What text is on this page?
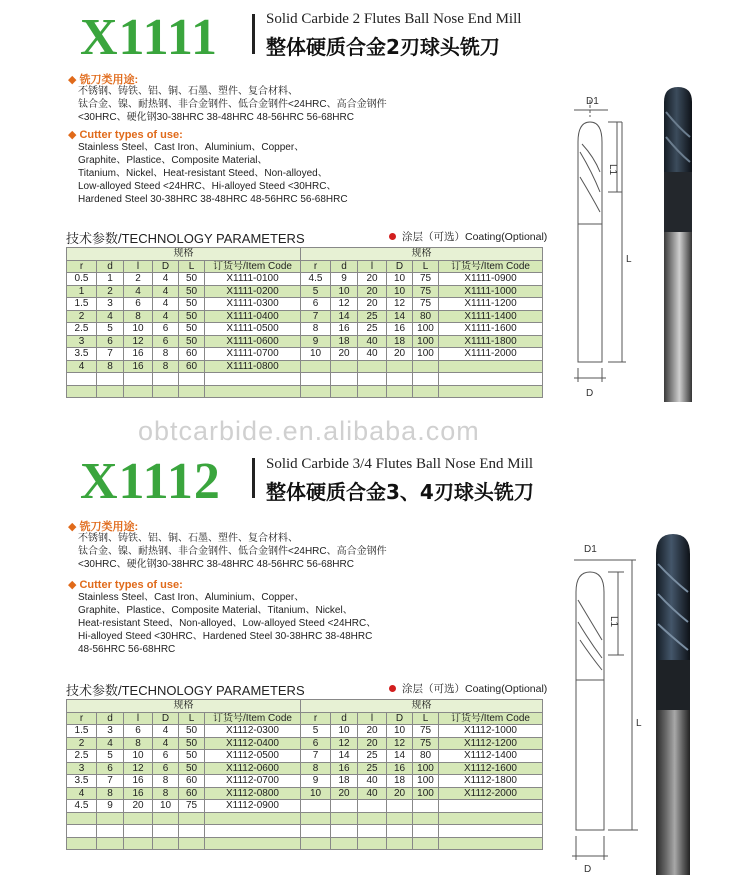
X1111	Solid Carbide 2 Flutes Ball Nose End Mill
整体硬质合金2刃球头铣刀
◆ 铣刀类用途:
不锈钢、铸铁、铝、铜、石墨、塑件、复合材料、
钛合金、镍、耐热钢、非合金钢件、低合金钢件<24HRC、高合金钢件
<30HRC、硬化钢30-38HRC 38-48HRC 48-56HRC 56-68HRC
◆ Cutter types of use:
Stainless Steel、Cast Iron、Aluminium、Copper、
Graphite、Plastice、Composite Material、
Titanium、Nickel、Heat-resistant Steed、Non-alloyed、
Low-alloyed Steed <24HRC、Hi-alloyed Steed <30HRC、
Hardened Steel 30-38HRC 38-48HRC 48-56HRC 56-68HRC
技术参数/TECHNOLOGY PARAMETERS	涂层（可选）Coating(Optional)
规格						规格					
r	d	l	D	L	订货号/Item Code	r	d	l	D	L	订货号/Item Code
0.5	1	2	4	50	X1111-0100	4.5	9	20	10	75	X1111-0900
1	2	4	4	50	X1111-0200	5	10	20	10	75	X1111-1000
1.5	3	6	4	50	X1111-0300	6	12	20	12	75	X1111-1200
2	4	8	4	50	X1111-0400	7	14	25	14	80	X1111-1400
2.5	5	10	6	50	X1111-0500	8	16	25	16	100	X1111-1600
3	6	12	6	50	X1111-0600	9	18	40	18	100	X1111-1800
3.5	7	16	8	60	X1111-0700	10	20	40	20	100	X1111-2000
4	8	16	8	60	X1111-0800						

D1
L1
L
D
obtcarbide.en.alibaba.com
X1112	Solid Carbide 3/4 Flutes Ball Nose End Mill
整体硬质合金3、4刃球头铣刀
◆ 铣刀类用途:
不锈钢、铸铁、铝、铜、石墨、塑件、复合材料、
钛合金、镍、耐热钢、非合金钢件、低合金钢件<24HRC、高合金钢件
<30HRC、硬化钢30-38HRC 38-48HRC 48-56HRC 56-68HRC
◆ Cutter types of use:
Stainless Steel、Cast Iron、Aluminium、Copper、
Graphite、Plastice、Composite Material、Titanium、Nickel、
Heat-resistant Steed、Non-alloyed、Low-alloyed Steed <24HRC、
Hi-alloyed Steed <30HRC、Hardened Steel 30-38HRC 38-48HRC
48-56HRC 56-68HRC
技术参数/TECHNOLOGY PARAMETERS	涂层（可选）Coating(Optional)
规格						规格					
r	d	l	D	L	订货号/Item Code	r	d	l	D	L	订货号/Item Code
1.5	3	6	4	50	X1112-0300	5	10	20	10	75	X1112-1000
2	4	8	4	50	X1112-0400	6	12	20	12	75	X1112-1200
2.5	5	10	6	50	X1112-0500	7	14	25	14	80	X1112-1400
3	6	12	6	50	X1112-0600	8	16	25	16	100	X1112-1600
3.5	7	16	8	60	X1112-0700	9	18	40	18	100	X1112-1800
4	8	16	8	60	X1112-0800	10	20	40	20	100	X1112-2000
4.5	9	20	10	75	X1112-0900						

D1
L1
L
D
